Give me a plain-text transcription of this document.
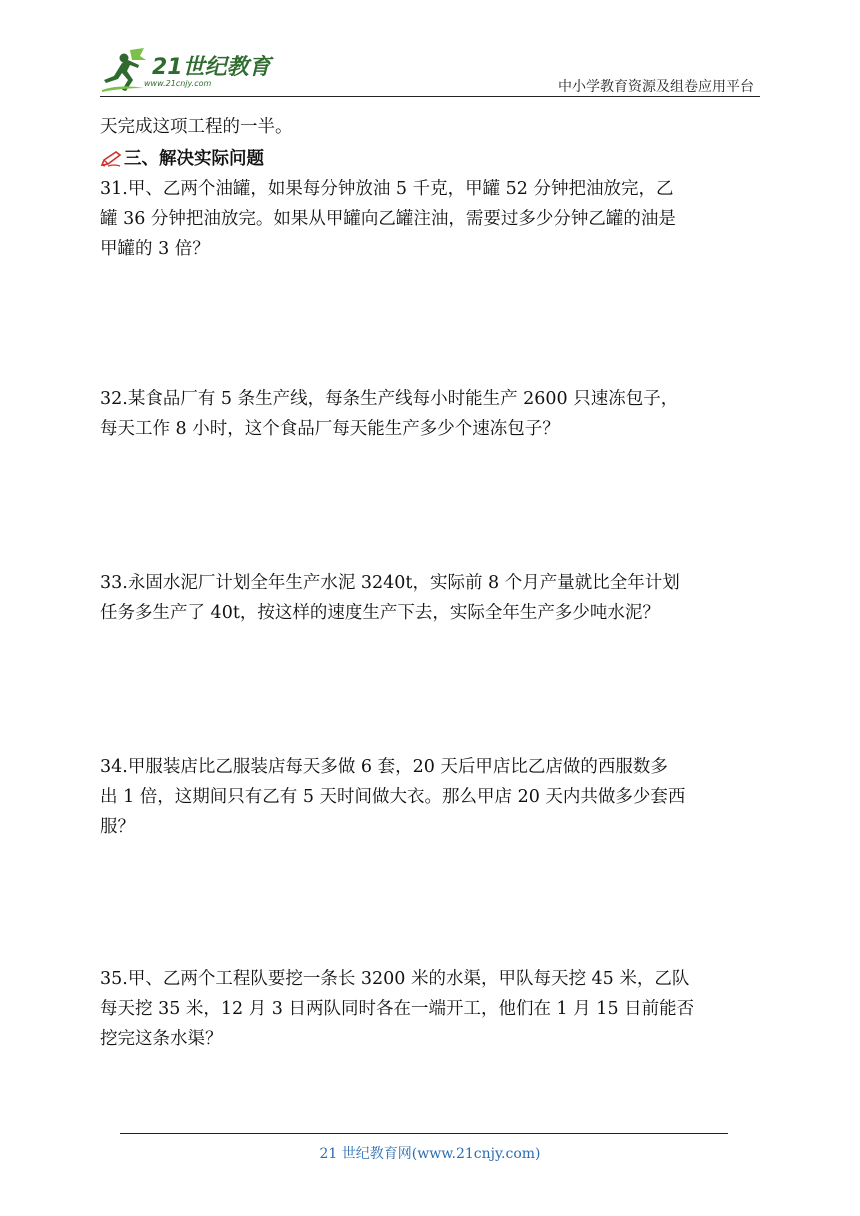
21世纪教育
www.21cnjy.com	中小学教育资源及组卷应用平台

天完成这项工程的一半。

三、解决实际问题

31.甲、乙两个油罐，如果每分钟放油 5 千克，甲罐 52 分钟把油放完，乙

罐 36 分钟把油放完。如果从甲罐向乙罐注油，需要过多少分钟乙罐的油是

甲罐的 3 倍？

32.某食品厂有 5 条生产线，每条生产线每小时能生产 2600 只速冻包子，

每天工作 8 小时，这个食品厂每天能生产多少个速冻包子？

33.永固水泥厂计划全年生产水泥 3240t，实际前 8 个月产量就比全年计划

任务多生产了 40t，按这样的速度生产下去，实际全年生产多少吨水泥？

34.甲服装店比乙服装店每天多做 6 套，20 天后甲店比乙店做的西服数多

出 1 倍，这期间只有乙有 5 天时间做大衣。那么甲店 20 天内共做多少套西

服？

35.甲、乙两个工程队要挖一条长 3200 米的水渠，甲队每天挖 45 米，乙队

每天挖 35 米，12 月 3 日两队同时各在一端开工，他们在 1 月 15 日前能否

挖完这条水渠？

21 世纪教育网(www.21cnjy.com)
